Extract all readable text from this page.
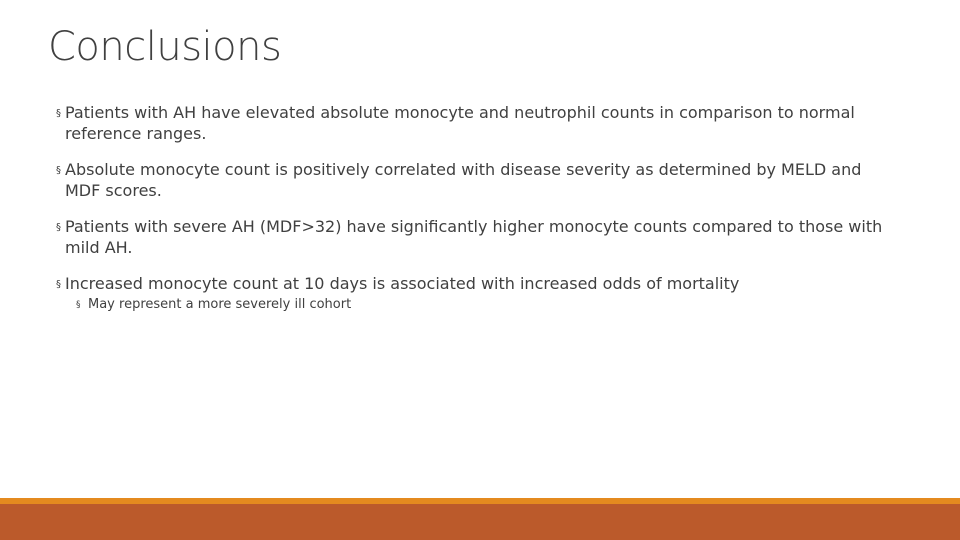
Conclusions
§ Patients with AH have elevated absolute monocyte and neutrophil counts in comparison to normal reference ranges.
§ Absolute monocyte count is positively correlated with disease severity as determined by MELD and MDF scores.
§ Patients with severe AH (MDF>32) have significantly higher monocyte counts compared to those with mild AH.
§ Increased monocyte count at 10 days is associated with increased odds of mortality
§ May represent a more severely ill cohort
